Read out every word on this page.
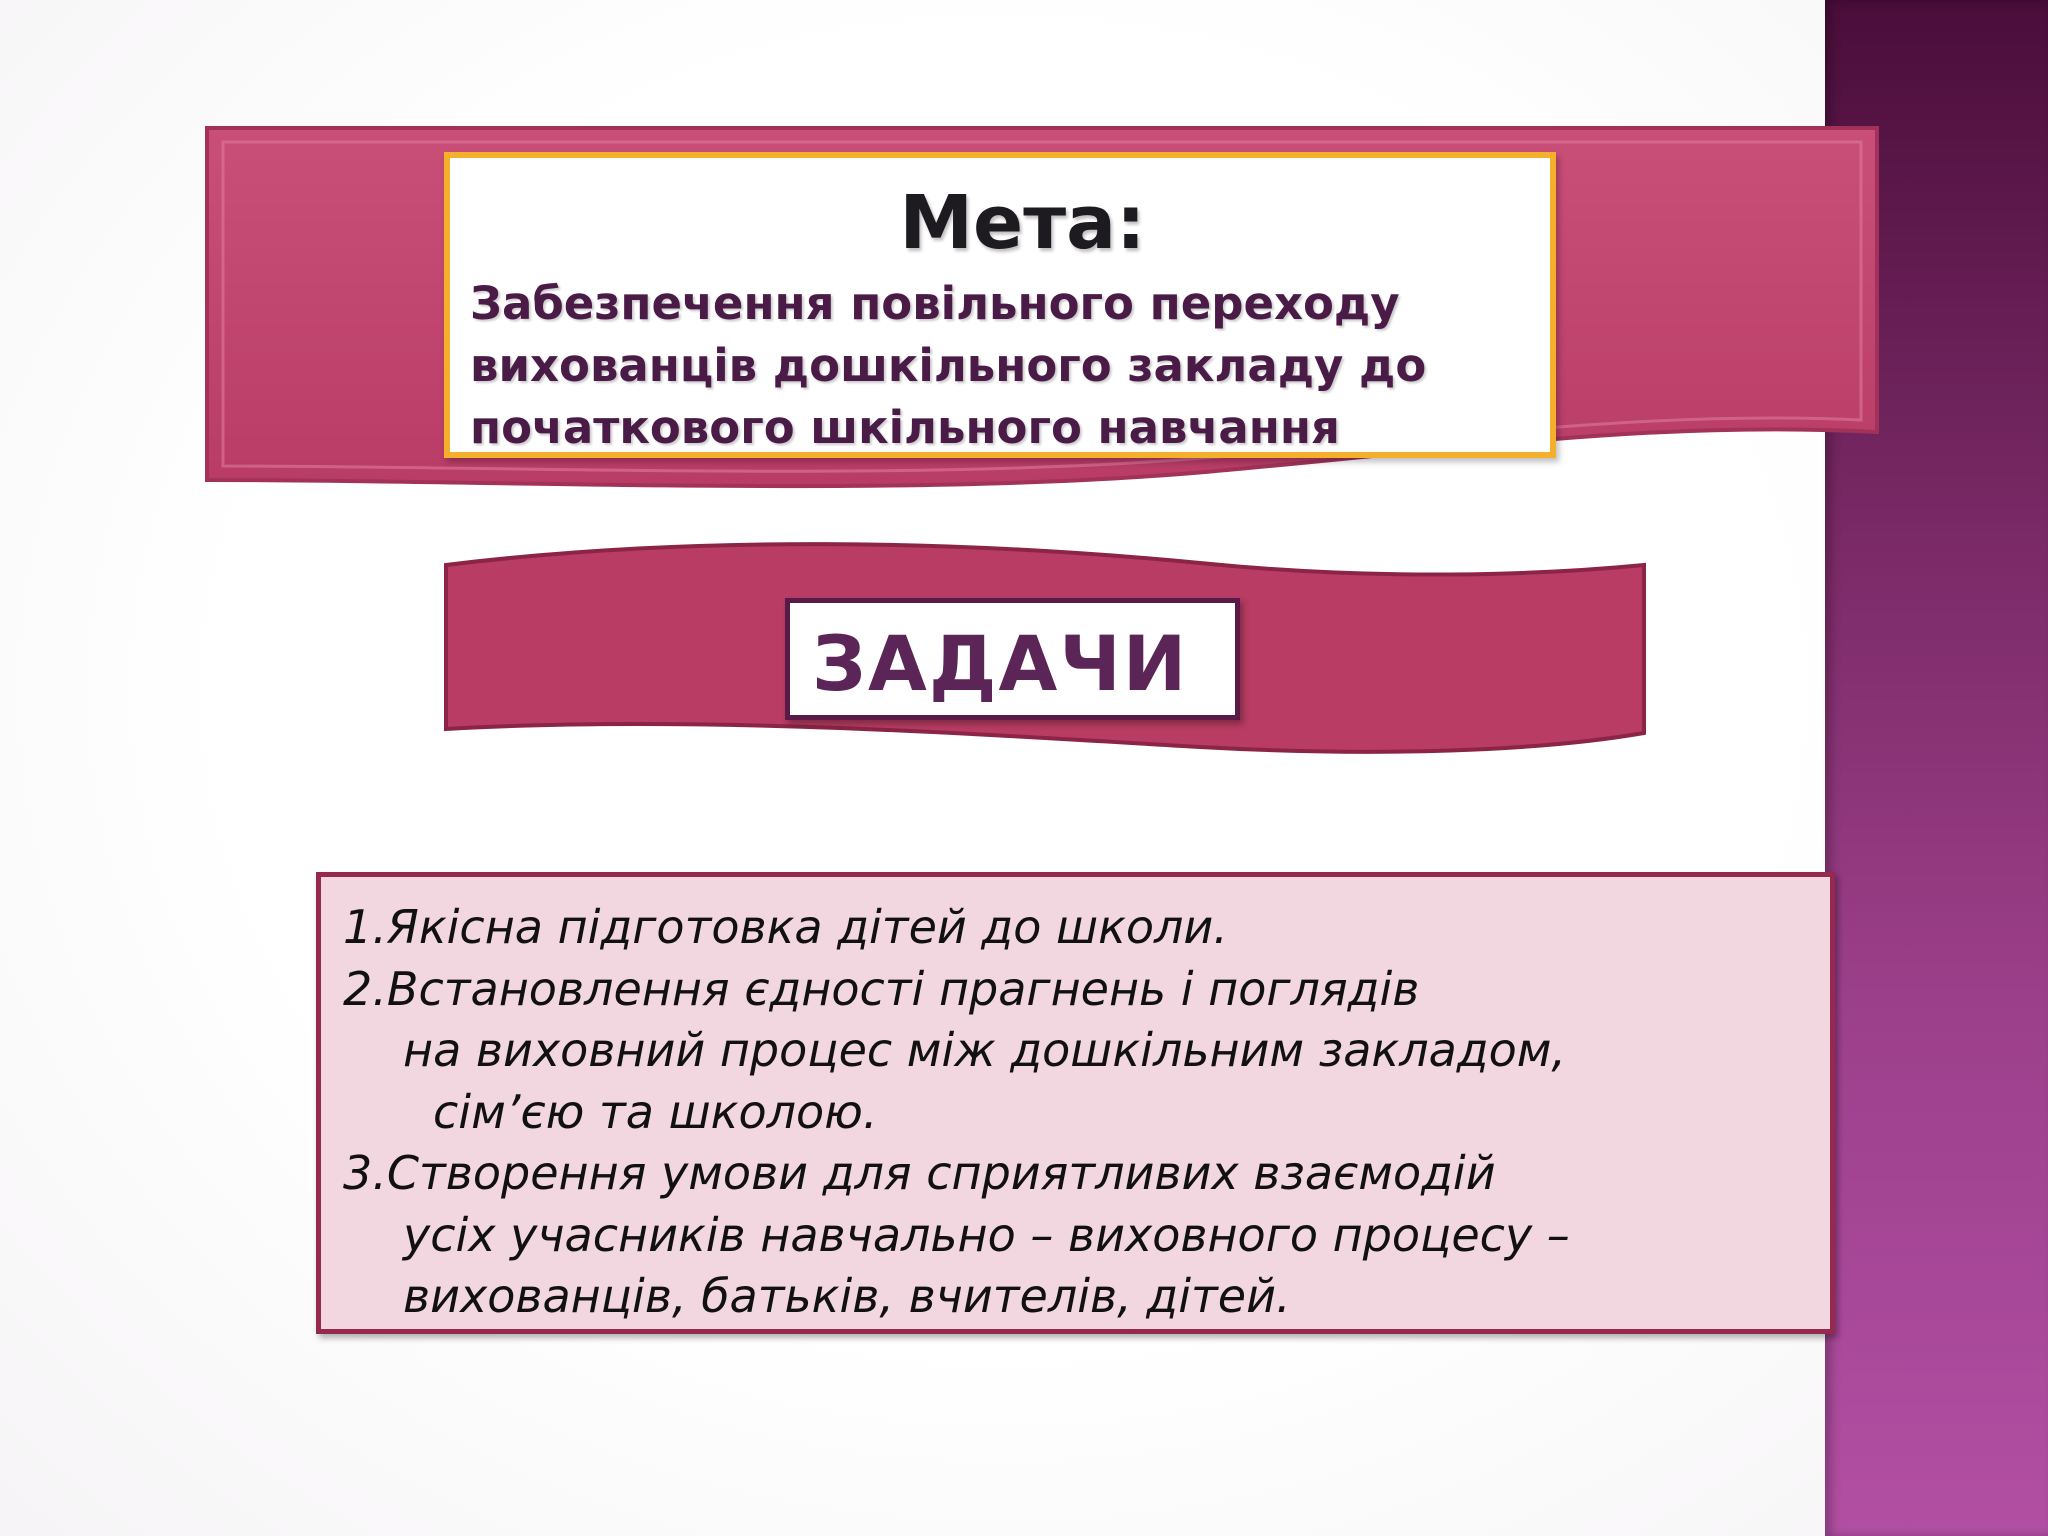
Мета:
Забезпечення повільного переходу
вихованців дошкільного закладу до
початкового шкільного навчання
ЗАДАЧИ
1.Якісна підготовка дітей до школи.
2.Встановлення єдності прагнень і поглядів
на виховний процес між дошкільним закладом,
сім’єю та школою.
3.Створення умови для сприятливих взаємодій
усіх учасників навчально – виховного процесу –
вихованців, батьків, вчителів, дітей.
